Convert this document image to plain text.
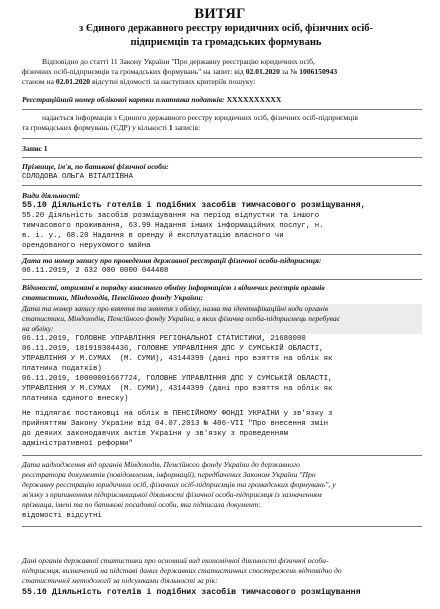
ВИТЯГ
з Єдиного державного реєстру юридичних осіб, фізичних осіб-
підприємців та громадських формувань
Відповідно до статті 11 Закону України "Про державну реєстрацію юридичних осіб,
фізичних осіб-підприємців та громадських формувань" на запит: від 02.01.2020 за № 1006150943
станом на 02.01.2020 відсутні відомості за наступних критеріїв пошуку:
Реєстраційний номер облікової картки платника податків: XXXXXXXXXX
надається інформація з Єдиного державного реєстру юридичних осіб, фізичних осіб-підприємців
та громадських формувань (ЄДР) у кількості 1 записів:
Запис 1
Прізвище, ім'я, по батькові фізичної особи:
СОЛОДОВА ОЛЬГА ВІТАЛІЇВНА
Види діяльності:
55.10 Діяльність готелів і подібних засобів тимчасового розміщування,
55.20 Діяльність засобів розміщування на період відпустки та іншого
тимчасового проживання, 63.99 Надання інших інформаційних послуг, н.
в. і. у., 68.20 Надання в оренду й експлуатацію власного чи
орендованого нерухомого майна
Дата та номер запису про проведення державної реєстрації фізичної особи-підприємця:
06.11.2019, 2 632 000 0000 044408
Відомості, отримані в порядку взаємного обміну інформацією з відомчих реєстрів органів
статистики, Міндоходів, Пенсійного фонду України:
Дата та номер запису про взяття та зняття з обліку, назва та ідентифікаційні коди органів
статистики, Міндоходів, Пенсійного фонду України, в яких фізична особа-підприємець перебуває
на обліку:
06.11.2019, ГОЛОВНЕ УПРАВЛІННЯ РЕГІОНАЛЬНОЇ СТАТИСТИКИ, 21680000
06.11.2019, 181919304436, ГОЛОВНЕ УПРАВЛІННЯ ДПС У СУМСЬКІЙ ОБЛАСТІ,
УПРАВЛІННЯ У М.СУМАХ  (М. СУМИ), 43144399 (дані про взяття на облік як
платника податків)
06.11.2019, 10000001667724, ГОЛОВНЕ УПРАВЛІННЯ ДПС У СУМСЬКІЙ ОБЛАСТІ,
УПРАВЛІННЯ У М.СУМАХ  (М. СУМИ), 43144399 (дані про взяття на облік як
платника єдиного внеску)
Не підлягає постановці на облік в ПЕНСІЙНОМУ ФОНДІ УКРАЇНИ у зв'язку з
прийняттям Закону України від 04.07.2013 № 406-VII "Про внесення змін
до деяких законодавчих актів України у зв'язку з проведенням
адміністративної реформи"
Дата надходження від органів Міндоходів, Пенсійного фонду України до державного
реєстратора документів (повідомлення, інформації), передбачених Законом України "Про
державну реєстрацію юридичних осіб, фізичних осіб-підприємців та громадських формувань", у
зв'язку з припиненням підприємницької діяльності фізичної особи-підприємця із зазначенням
прізвища, імені та по батькові посадової особи, яка підписала документ:
відомості відсутні
Дані органів державної статистики про основний вид економічної діяльності фізичної особи-
підприємця, визначений на підставі даних державних статистичних спостережень відповідно до
статистичної методології за підсумками діяльності за рік:
55.10 Діяльність готелів і подібних засобів тимчасового розміщування
